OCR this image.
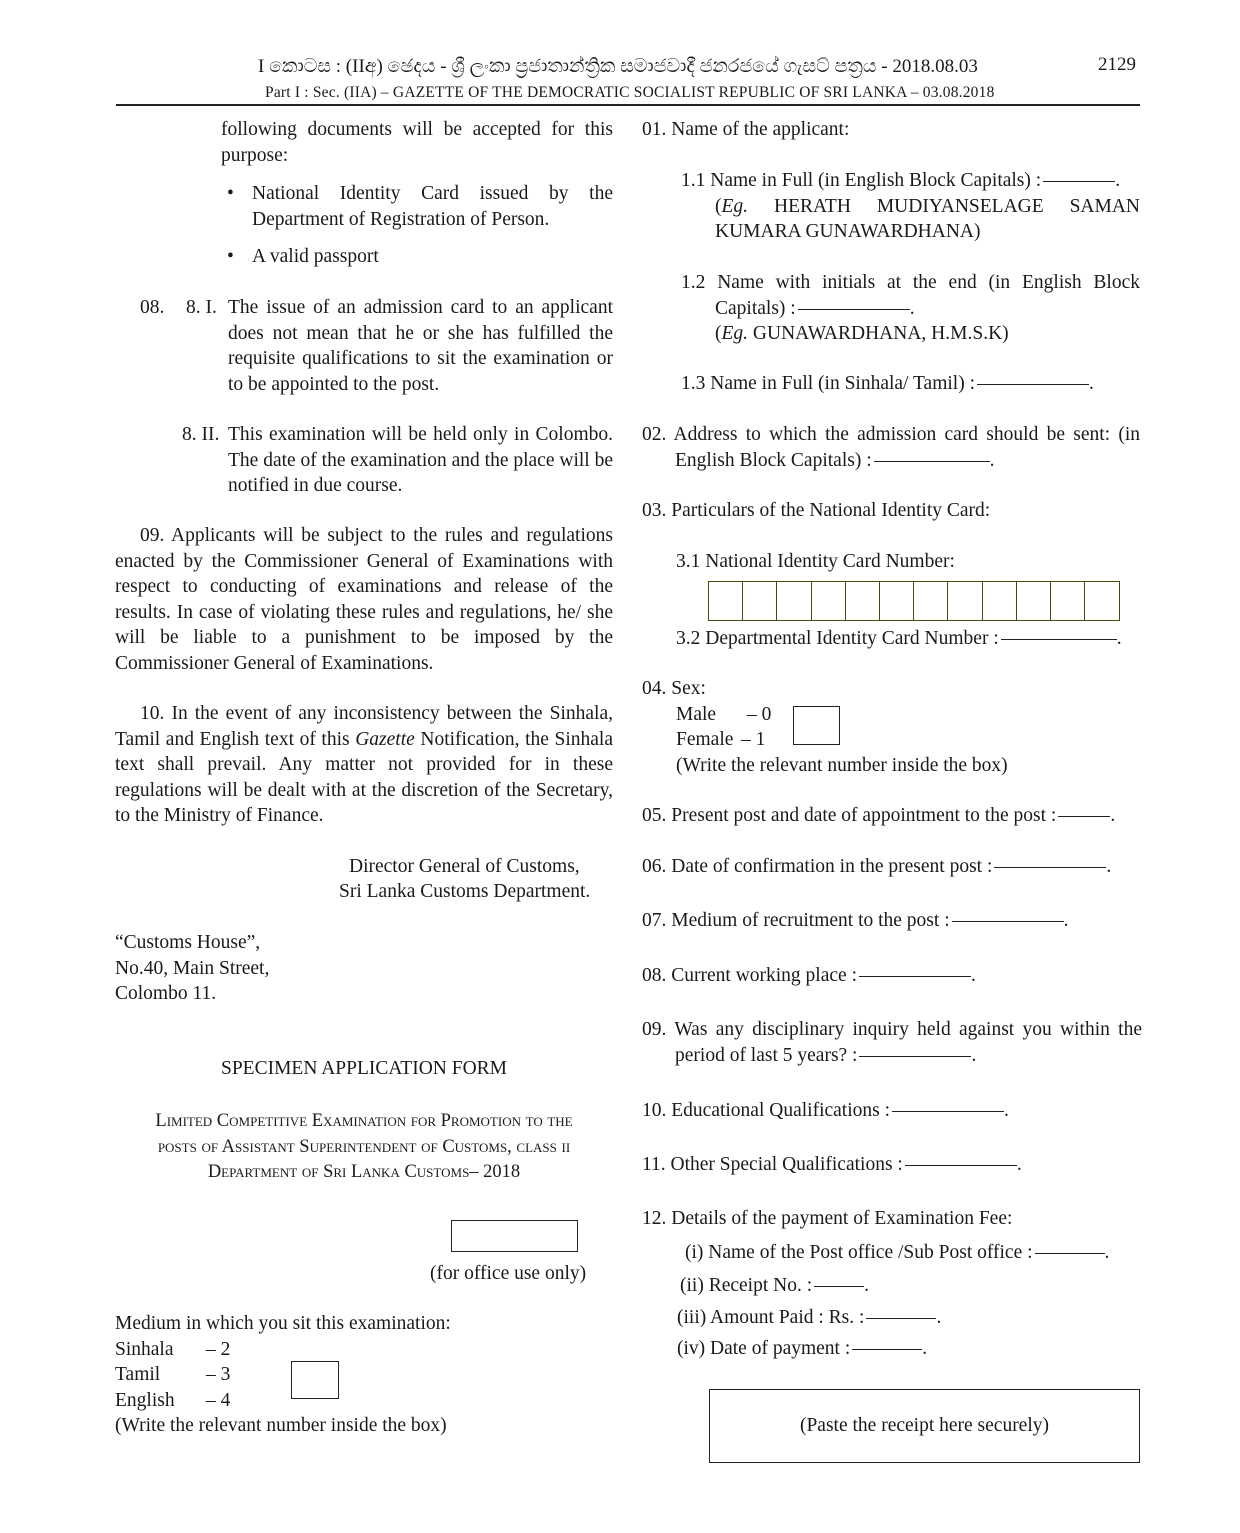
I කොටස : (IIඅ) ඡෙදය - ශ්‍රී ලංකා ප්‍රජාතාන්ත්‍රික සමාජවාදී ජනරජයේ ගැසට් පත්‍රය - 2018.08.03	2129
Part I : Sec. (IIA) – GAZETTE OF THE DEMOCRATIC SOCIALIST REPUBLIC OF SRI LANKA – 03.08.2018
following documents will be accepted for this purpose:
• National Identity Card issued by the Department of Registration of Person.
• A valid passport
08. 8. I. The issue of an admission card to an applicant does not mean that he or she has fulfilled the requisite qualifications to sit the examination or to be appointed to the post.
8. II. This examination will be held only in Colombo. The date of the examination and the place will be notified in due course.
09. Applicants will be subject to the rules and regulations enacted by the Commissioner General of Examinations with respect to conducting of examinations and release of the results. In case of violating these rules and regulations, he/ she will be liable to a punishment to be imposed by the Commissioner General of Examinations.
10. In the event of any inconsistency between the Sinhala, Tamil and English text of this Gazette Notification, the Sinhala text shall prevail. Any matter not provided for in these regulations will be dealt with at the discretion of the Secretary, to the Ministry of Finance.
Director General of Customs,
Sri Lanka Customs Department.
“Customs House”,
No.40, Main Street,
Colombo 11.
SPECIMEN APPLICATION FORM
Limited Competitive Examination for Promotion to the
posts of Assistant Superintendent of Customs, class ii
Department of Sri Lanka Customs– 2018
(for office use only)
Medium in which you sit this examination:
Sinhala – 2
Tamil – 3
English – 4
(Write the relevant number inside the box)
01. Name of the applicant:
1.1 Name in Full (in English Block Capitals) :	.
(Eg. HERATH MUDIYANSELAGE SAMAN KUMARA GUNAWARDHANA)
1.2 Name with initials at the end (in English Block Capitals) :	.
(Eg. GUNAWARDHANA, H.M.S.K)
1.3 Name in Full (in Sinhala/ Tamil) :	.
02. Address to which the admission card should be sent: (in English Block Capitals) :	.
03. Particulars of the National Identity Card:
3.1 National Identity Card Number:
3.2 Departmental Identity Card Number :	.
04. Sex:
Male – 0
Female – 1
(Write the relevant number inside the box)
05. Present post and date of appointment to the post :	.
06. Date of confirmation in the present post :	.
07. Medium of recruitment to the post :	.
08. Current working place :	.
09. Was any disciplinary inquiry held against you within the period of last 5 years? :	.
10. Educational Qualifications :	.
11. Other Special Qualifications :	.
12. Details of the payment of Examination Fee:
(i) Name of the Post office /Sub Post office :	.
(ii) Receipt No. :	.
(iii) Amount Paid : Rs. :	.
(iv) Date of payment :	.
(Paste the receipt here securely)
